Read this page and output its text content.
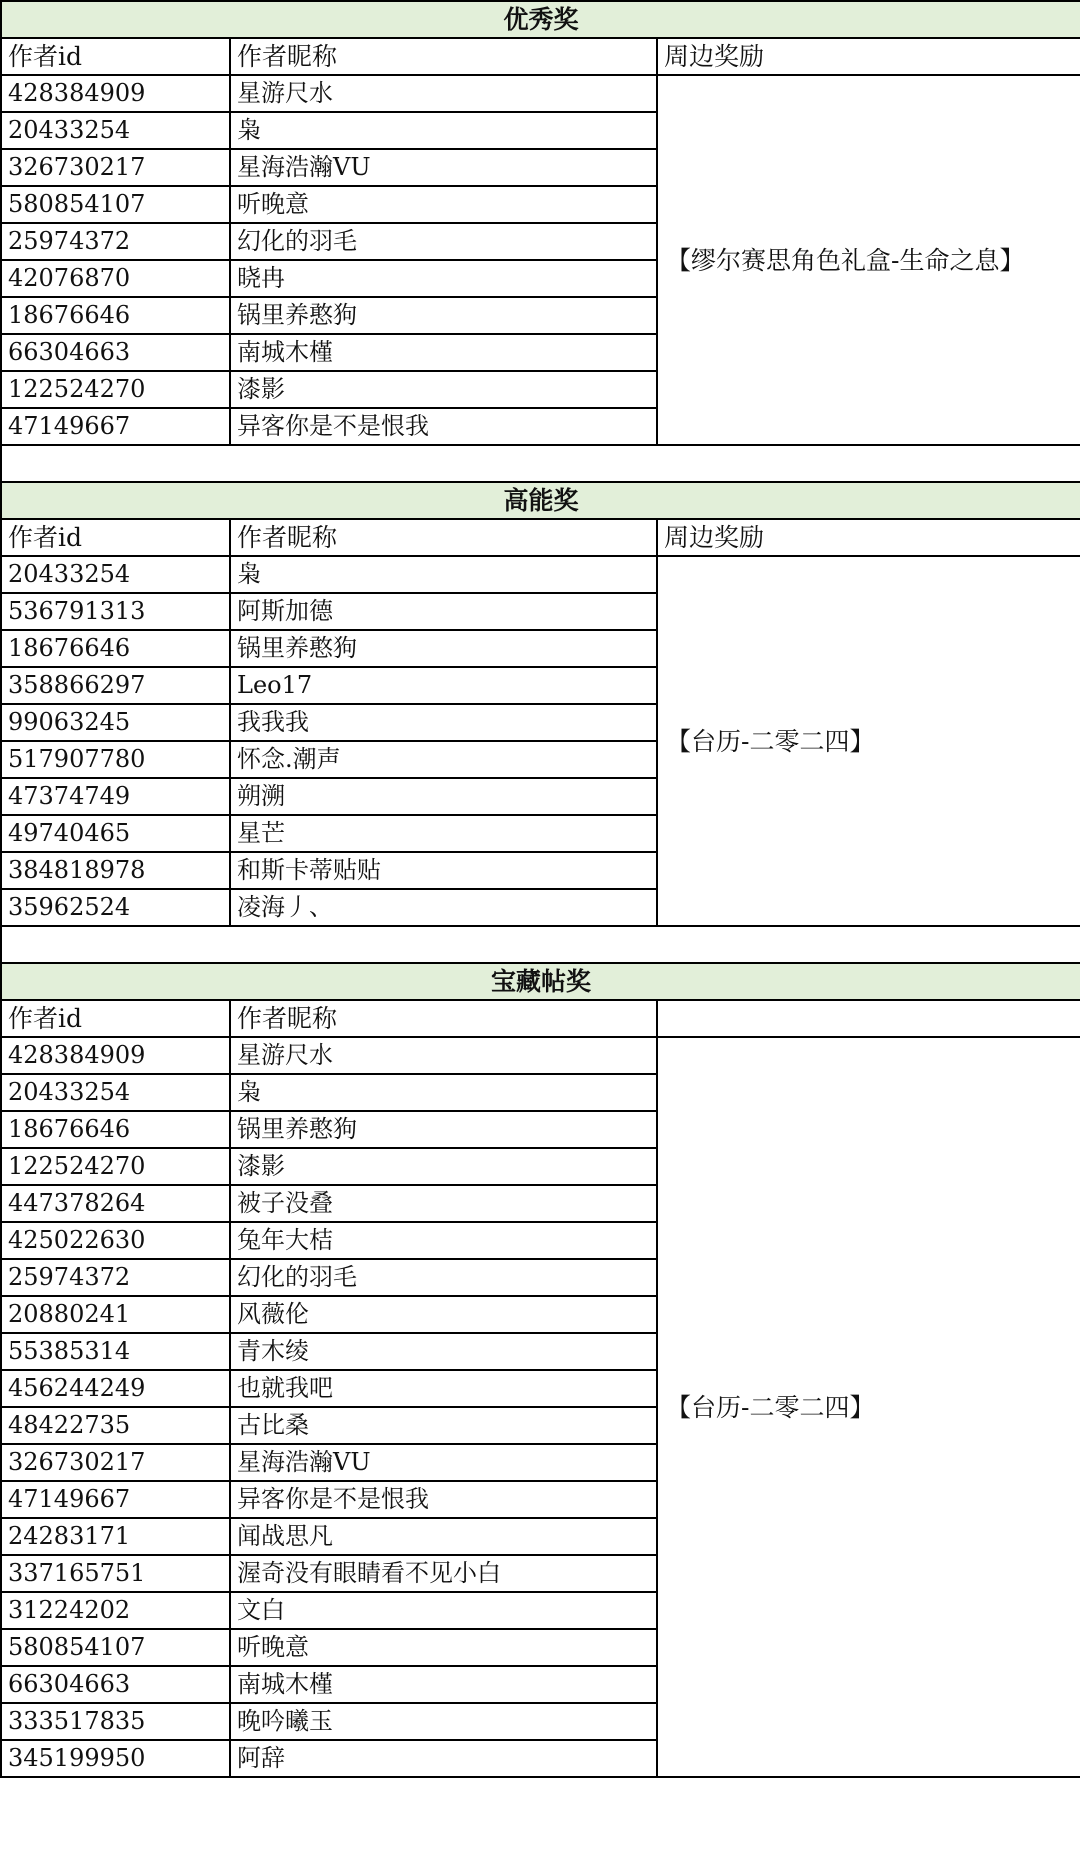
优秀奖		
作者id	作者昵称	周边奖励
428384909	星游尺水	【缪尔赛思角色礼盒-生命之息】
20433254	枭	
326730217	星海浩瀚VU	
580854107	听晚意	
25974372	幻化的羽毛	
42076870	晓冉	
18676646	锅里养憨狗	
66304663	南城木槿	
122524270	漆影	
47149667	异客你是不是恨我	

高能奖		
作者id	作者昵称	周边奖励
20433254	枭	【台历-二零二四】
536791313	阿斯加德	
18676646	锅里养憨狗	
358866297	Leo17	
99063245	我我我	
517907780	怀念.潮声	
47374749	朔溯	
49740465	星芒	
384818978	和斯卡蒂贴贴	
35962524	凌海丿、	

宝藏帖奖		
作者id	作者昵称	
428384909	星游尺水	【台历-二零二四】
20433254	枭	
18676646	锅里养憨狗	
122524270	漆影	
447378264	被子没叠	
425022630	兔年大桔	
25974372	幻化的羽毛	
20880241	风薇伦	
55385314	青木绫	
456244249	也就我吧	
48422735	古比桑	
326730217	星海浩瀚VU	
47149667	异客你是不是恨我	
24283171	闻战思凡	
337165751	渥奇没有眼睛看不见小白	
31224202	文白	
580854107	听晚意	
66304663	南城木槿	
333517835	晚吟曦玉	
345199950	阿辞	
